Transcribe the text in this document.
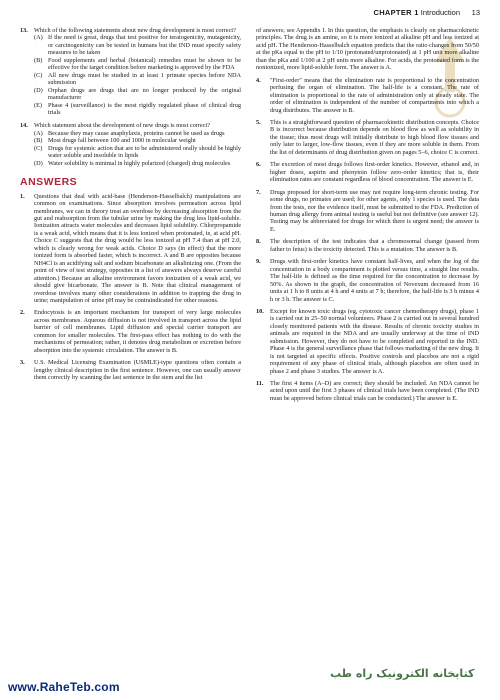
CHAPTER 1 Introduction 13
13. Which of the following statements about new drug development is most correct?
(A) If the need is great, drugs that test positive for teratogenicity, mutagenicity, or carcinogenicity can be tested in humans but the IND must specify safety measures to be taken
(B) Food supplements and herbal (botanical) remedies must be shown to be effective for the target condition before marketing is approved by the FDA
(C) All new drugs must be studied in at least 1 primate species before NDA submission
(D) Orphan drugs are drugs that are no longer produced by the original manufacturer
(E) Phase 4 (surveillance) is the most rigidly regulated phase of clinical drug trials
14. Which statement about the development of new drugs is most correct?
(A) Because they may cause anaphylaxis, proteins cannot be used as drugs
(B) Most drugs fall between 100 and 1000 in molecular weight
(C) Drugs for systemic action that are to be administered orally should be highly water soluble and insoluble in lipids
(D) Water solubility is minimal in highly polarized (charged) drug molecules
ANSWERS
1. Questions that deal with acid-base (Henderson-Hasselbalch) manipulations are common on examinations. Since absorption involves permeation across lipid membranes, we can in theory treat an overdose by decreasing absorption from the gut and reabsorption from the tubular urine by making the drug less lipid-soluble. Ionization attracts water molecules and decreases lipid solubility. Chlorpropamide is a weak acid, which means that it is less ionized when protonated, ie, at acid pH. Choice C suggests that the drug would be less ionized at pH 7.4 than at pH 2.0, which is clearly wrong for weak acids. Choice D says (in effect) that the more ionized form is absorbed faster, which is incorrect. A and B are opposites because NH4Cl is an acidifying salt and sodium bicarbonate an alkalinizing one. (From the point of view of test strategy, opposites in a list of answers always deserve careful attention.) Because an alkaline environment favors ionization of a weak acid, we should give bicarbonate. The answer is B. Note that clinical management of overdose involves many other considerations in addition to trapping the drug in urine; manipulation of urine pH may be contraindicated for other reasons.
2. Endocytosis is an important mechanism for transport of very large molecules across membranes. Aqueous diffusion is not involved in transport across the lipid barrier of cell membranes. Lipid diffusion and special carrier transport are common for smaller molecules. The first-pass effect has nothing to do with the mechanisms of permeation; rather, it denotes drug metabolism or excretion before absorption into the systemic circulation. The answer is B.
3. U.S. Medical Licensing Examination (USMLE)-type questions often contain a lengthy clinical description in the first sentence. However, one can usually answer them correctly by scanning the last sentence in the stem and the list

of answers; see Appendix I. In this question, the emphasis is clearly on pharmacokinetic principles. The drug is an amine, so it is more ionized at alkaline pH and less ionized at acid pH. The Henderson-Hasselbalch equation predicts that the ratio changes from 50/50 at the pKa equal to the pH to 1/10 (protonated/unprotonated) at 1 pH unit more alkaline than the pKa and 1/100 at 2 pH units more alkaline. For acids, the protonated form is the nonionized, more lipid-soluble form. The answer is A.

4. "First-order" means that the elimination rate is proportional to the concentration perfusing the organ of elimination. The half-life is a constant. The rate of elimination is proportional to the rate of administration only at steady state. The order of elimination is independent of the number of compartments into which a drug distributes. The answer is B.
5. This is a straightforward question of pharmacokinetic distribution concepts. Choice B is incorrect because distribution depends on blood flow as well as solubility in the tissue; thus most drugs will initially distribute to high blood flow tissues and only later to larger, low-flow tissues, even if they are more soluble in them. From the list of determinants of drug distribution given on pages 5–6, choice C is correct.
6. The excretion of most drugs follows first-order kinetics. However, ethanol and, in higher doses, aspirin and phenytoin follow zero-order kinetics; that is, their elimination rates are constant regardless of blood concentration. The answer is E.
7. Drugs proposed for short-term use may not require long-term chronic testing. For some drugs, no primates are used; for other agents, only 1 species is used. The data from the tests, nor the evidence itself, must be submitted to the FDA. Prediction of human drug allergy from animal testing is useful but not definitive (see answer 12). Testing may be abbreviated for drugs for which there is urgent need; the answer is E.
8. The description of the test indicates that a chromosomal change (passed from father to fetus) is the toxicity detected. This is a mutation. The answer is B.
9. Drugs with first-order kinetics have constant half-lives, and when the log of the concentration in a body compartment is plotted versus time, a straight line results. The half-life is defined as the time required for the concentration to decrease by 50%. As shown in the graph, the concentration of Novexum decreased from 16 units at 1 h to 8 units at 4 h and 4 units at 7 h; therefore, the half-life is 3 h minus 4 h or 3 h. The answer is C.
10. Except for known toxic drugs (eg, cytotoxic cancer chemotherapy drugs), phase 1 is carried out in 25–50 normal volunteers. Phase 2 is carried out in several hundred closely monitored patients with the disease. Results of chronic toxicity studies in animals are required in the NDA and are usually underway at the time of IND submission. However, they do not have to be completed and reported in the IND. Phase 4 is the general surveillance phase that follows marketing of the new drug. It is not targeted at specific effects. Positive controls and placebos are not a rigid requirement of any phase of clinical trials, although placebos are often used in phase 2 and phase 3 studies. The answer is A.
11. The first 4 items (A–D) are correct; they should be included. An NDA cannot be acted upon until the first 3 phases of clinical trials have been completed. (The IND must be approved before clinical trials can be conducted.) The answer is E.
کتابخانه الکترونیک راه طب
www.RaheTeb.com
